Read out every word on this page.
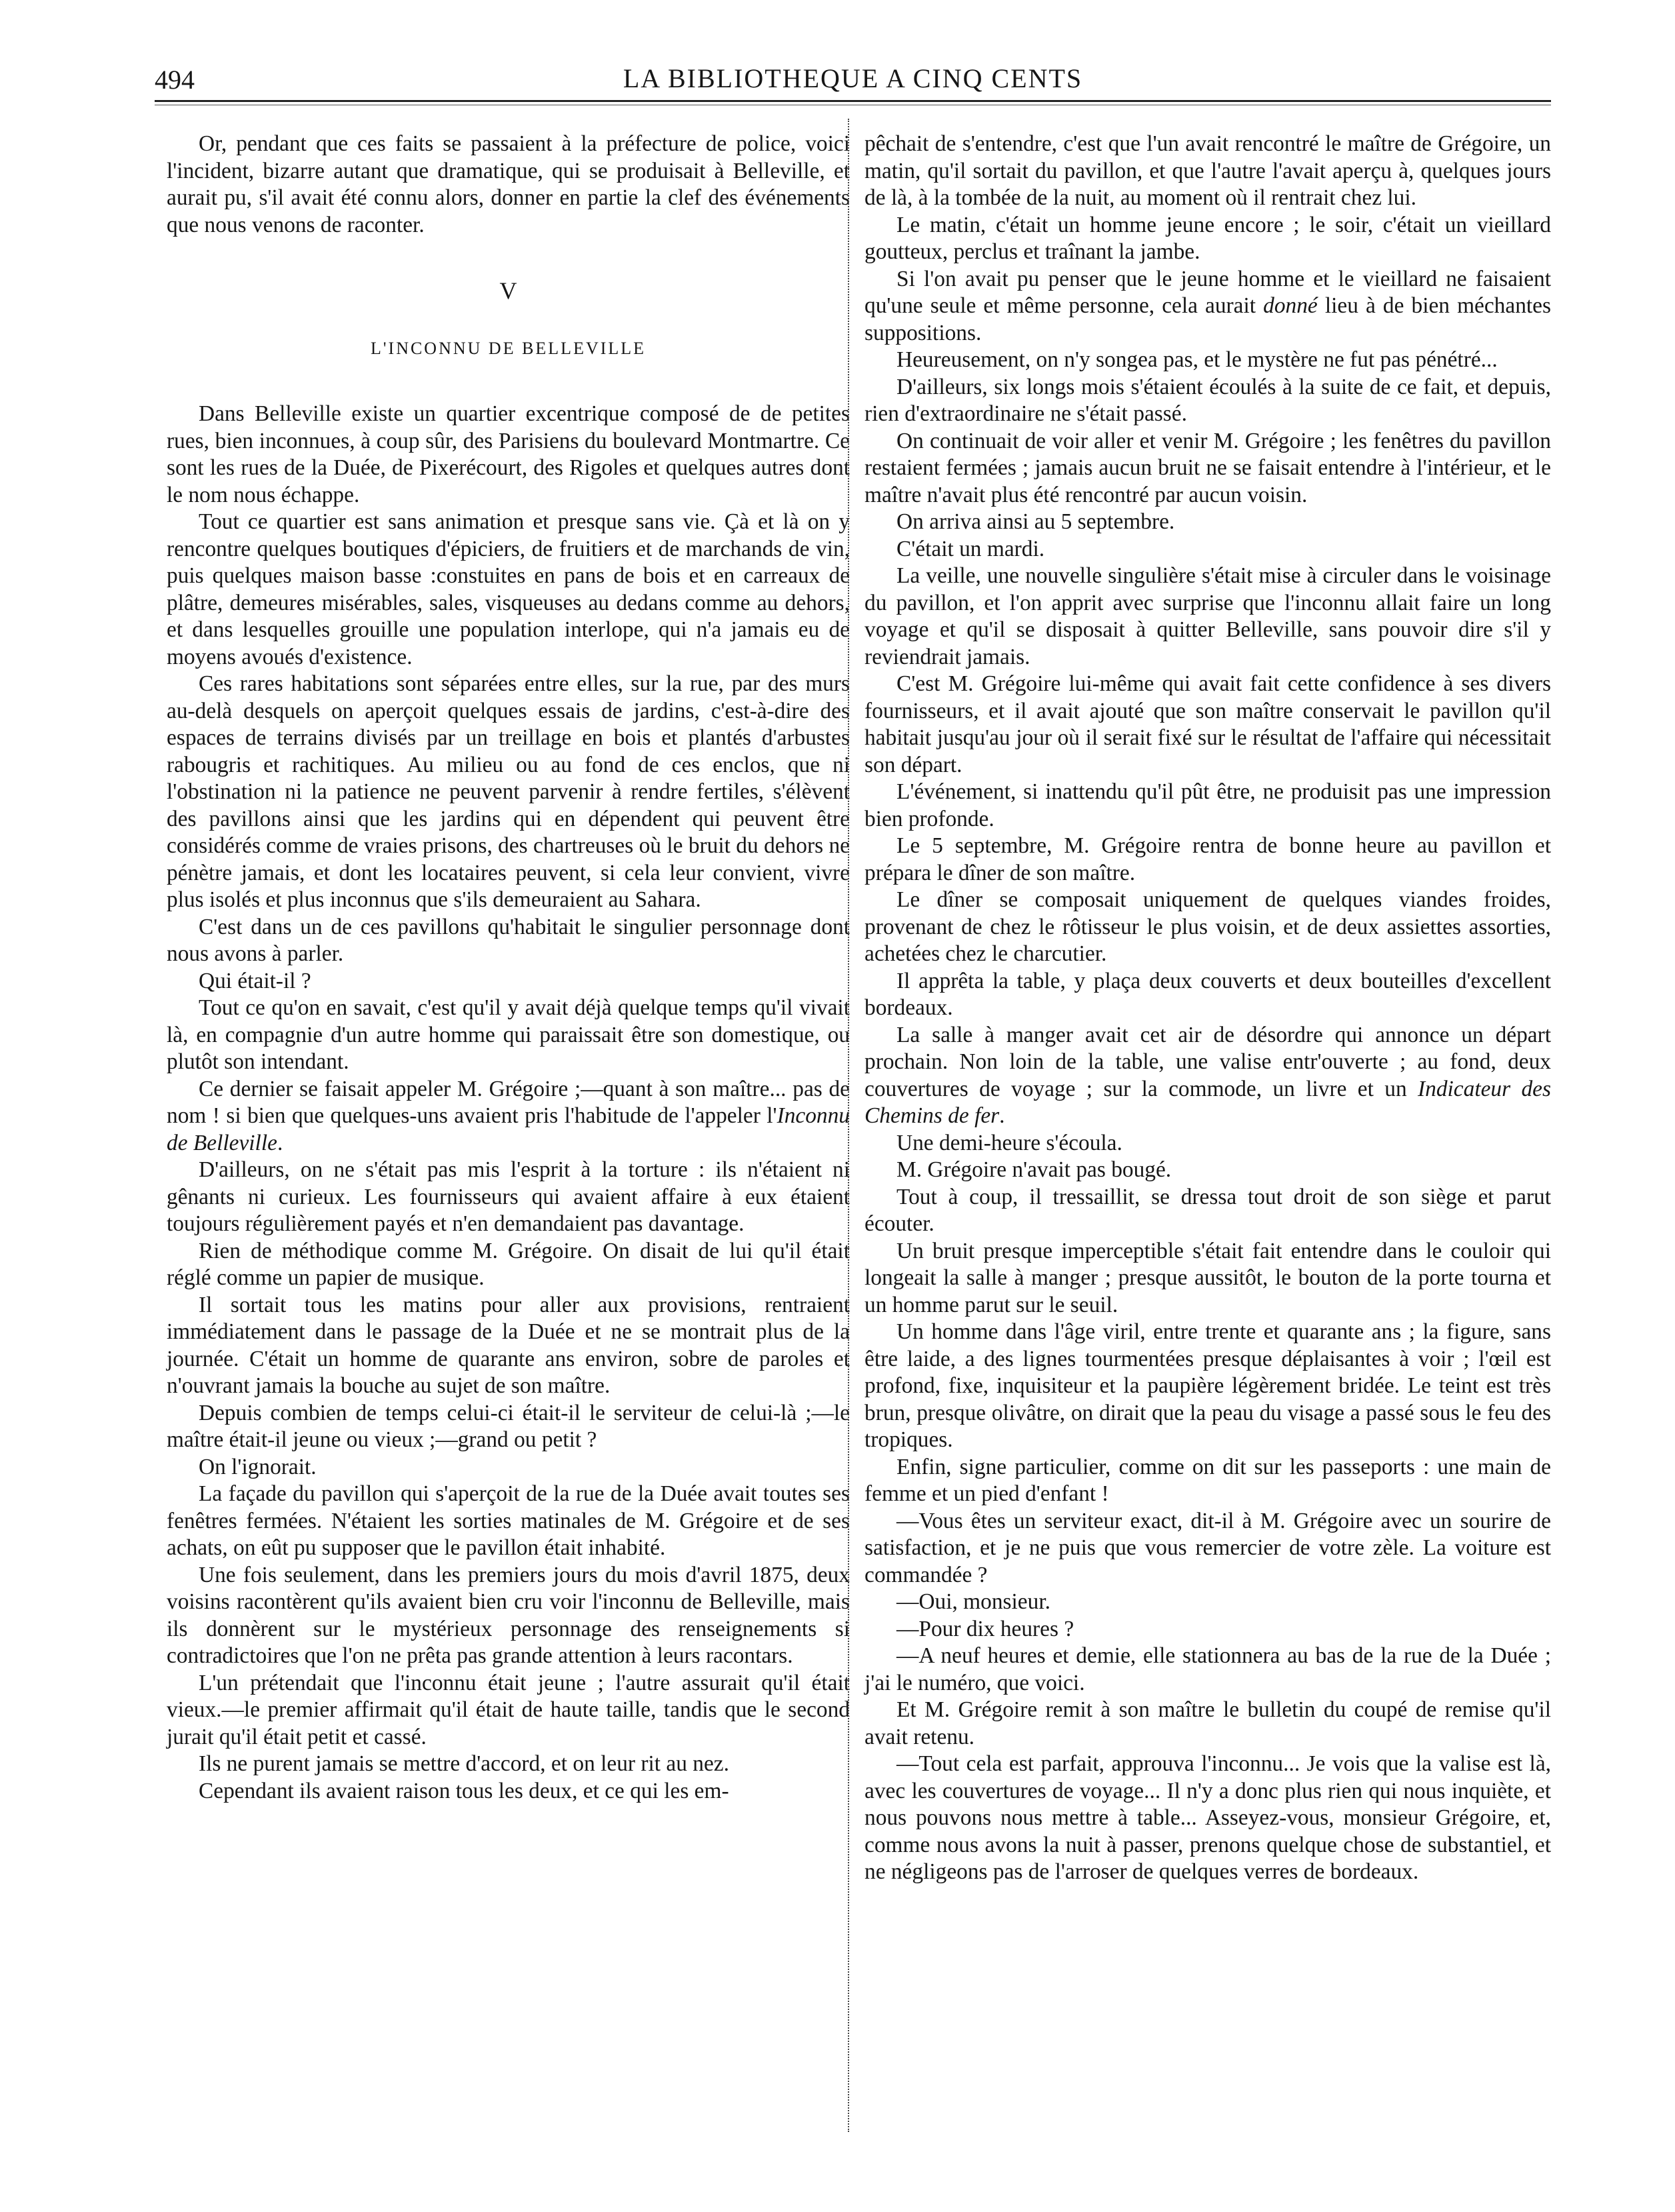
494	LA BIBLIOTHEQUE A CINQ CENTS

Or, pendant que ces faits se passaient à la préfecture de police, voici l'incident, bizarre autant que dramatique, qui se produisait à Belleville, et aurait pu, s'il avait été connu alors, donner en partie la clef des événements que nous venons de raconter.

V
L'INCONNU DE BELLEVILLE

Dans Belleville existe un quartier excentrique composé de de petites rues, bien inconnues, à coup sûr, des Parisiens du boulevard Montmartre. Ce sont les rues de la Duée, de Pixerécourt, des Rigoles et quelques autres dont le nom nous échappe.

Tout ce quartier est sans animation et presque sans vie. Çà et là on y rencontre quelques boutiques d'épiciers, de fruitiers et de marchands de vin, puis quelques maison basse :constuites en pans de bois et en carreaux de plâtre, demeures misérables, sales, visqueuses au dedans comme au dehors, et dans lesquelles grouille une population interlope, qui n'a jamais eu de moyens avoués d'existence.

Ces rares habitations sont séparées entre elles, sur la rue, par des murs au-delà desquels on aperçoit quelques essais de jardins, c'est-à-dire des espaces de terrains divisés par un treillage en bois et plantés d'arbustes rabougris et rachitiques. Au milieu ou au fond de ces enclos, que ni l'obstination ni la patience ne peuvent parvenir à rendre fertiles, s'élèvent des pavillons ainsi que les jardins qui en dépendent qui peuvent être considérés comme de vraies prisons, des chartreuses où le bruit du dehors ne pénètre jamais, et dont les locataires peuvent, si cela leur convient, vivre plus isolés et plus inconnus que s'ils demeuraient au Sahara.

C'est dans un de ces pavillons qu'habitait le singulier personnage dont nous avons à parler.

Qui était-il ?

Tout ce qu'on en savait, c'est qu'il y avait déjà quelque temps qu'il vivait là, en compagnie d'un autre homme qui paraissait être son domestique, ou plutôt son intendant.

Ce dernier se faisait appeler M. Grégoire ;—quant à son maître... pas de nom ! si bien que quelques-uns avaient pris l'habitude de l'appeler l'Inconnu de Belleville.

D'ailleurs, on ne s'était pas mis l'esprit à la torture : ils n'étaient ni gênants ni curieux. Les fournisseurs qui avaient affaire à eux étaient toujours régulièrement payés et n'en demandaient pas davantage.

Rien de méthodique comme M. Grégoire. On disait de lui qu'il était réglé comme un papier de musique.

Il sortait tous les matins pour aller aux provisions, rentraient immédiatement dans le passage de la Duée et ne se montrait plus de la journée. C'était un homme de quarante ans environ, sobre de paroles et n'ouvrant jamais la bouche au sujet de son maître.

Depuis combien de temps celui-ci était-il le serviteur de celui-là ;—le maître était-il jeune ou vieux ;—grand ou petit ?

On l'ignorait.

La façade du pavillon qui s'aperçoit de la rue de la Duée avait toutes ses fenêtres fermées. N'étaient les sorties matinales de M. Grégoire et de ses achats, on eût pu supposer que le pavillon était inhabité.

Une fois seulement, dans les premiers jours du mois d'avril 1875, deux voisins racontèrent qu'ils avaient bien cru voir l'inconnu de Belleville, mais ils donnèrent sur le mystérieux personnage des renseignements si contradictoires que l'on ne prêta pas grande attention à leurs racontars.

L'un prétendait que l'inconnu était jeune ; l'autre assurait qu'il était vieux.—le premier affirmait qu'il était de haute taille, tandis que le second jurait qu'il était petit et cassé.

Ils ne purent jamais se mettre d'accord, et on leur rit au nez.

Cependant ils avaient raison tous les deux, et ce qui les em-

pêchait de s'entendre, c'est que l'un avait rencontré le maître de Grégoire, un matin, qu'il sortait du pavillon, et que l'autre l'avait aperçu à, quelques jours de là, à la tombée de la nuit, au moment où il rentrait chez lui.

Le matin, c'était un homme jeune encore ; le soir, c'était un vieillard goutteux, perclus et traînant la jambe.

Si l'on avait pu penser que le jeune homme et le vieillard ne faisaient qu'une seule et même personne, cela aurait donné lieu à de bien méchantes suppositions.

Heureusement, on n'y songea pas, et le mystère ne fut pas pénétré...

D'ailleurs, six longs mois s'étaient écoulés à la suite de ce fait, et depuis, rien d'extraordinaire ne s'était passé.

On continuait de voir aller et venir M. Grégoire ; les fenêtres du pavillon restaient fermées ; jamais aucun bruit ne se faisait entendre à l'intérieur, et le maître n'avait plus été rencontré par aucun voisin.

On arriva ainsi au 5 septembre.

C'était un mardi.

La veille, une nouvelle singulière s'était mise à circuler dans le voisinage du pavillon, et l'on apprit avec surprise que l'inconnu allait faire un long voyage et qu'il se disposait à quitter Belleville, sans pouvoir dire s'il y reviendrait jamais.

C'est M. Grégoire lui-même qui avait fait cette confidence à ses divers fournisseurs, et il avait ajouté que son maître conservait le pavillon qu'il habitait jusqu'au jour où il serait fixé sur le résultat de l'affaire qui nécessitait son départ.

L'événement, si inattendu qu'il pût être, ne produisit pas une impression bien profonde.

Le 5 septembre, M. Grégoire rentra de bonne heure au pavillon et prépara le dîner de son maître.

Le dîner se composait uniquement de quelques viandes froides, provenant de chez le rôtisseur le plus voisin, et de deux assiettes assorties, achetées chez le charcutier.

Il apprêta la table, y plaça deux couverts et deux bouteilles d'excellent bordeaux.

La salle à manger avait cet air de désordre qui annonce un départ prochain. Non loin de la table, une valise entr'ouverte ; au fond, deux couvertures de voyage ; sur la commode, un livre et un Indicateur des Chemins de fer.

Une demi-heure s'écoula.

M. Grégoire n'avait pas bougé.

Tout à coup, il tressaillit, se dressa tout droit de son siège et parut écouter.

Un bruit presque imperceptible s'était fait entendre dans le couloir qui longeait la salle à manger ; presque aussitôt, le bouton de la porte tourna et un homme parut sur le seuil.

Un homme dans l'âge viril, entre trente et quarante ans ; la figure, sans être laide, a des lignes tourmentées presque déplaisantes à voir ; l'œil est profond, fixe, inquisiteur et la paupière légèrement bridée. Le teint est très brun, presque olivâtre, on dirait que la peau du visage a passé sous le feu des tropiques.

Enfin, signe particulier, comme on dit sur les passeports : une main de femme et un pied d'enfant !

—Vous êtes un serviteur exact, dit-il à M. Grégoire avec un sourire de satisfaction, et je ne puis que vous remercier de votre zèle. La voiture est commandée ?

—Oui, monsieur.

—Pour dix heures ?

—A neuf heures et demie, elle stationnera au bas de la rue de la Duée ; j'ai le numéro, que voici.

Et M. Grégoire remit à son maître le bulletin du coupé de remise qu'il avait retenu.

—Tout cela est parfait, approuva l'inconnu... Je vois que la valise est là, avec les couvertures de voyage... Il n'y a donc plus rien qui nous inquiète, et nous pouvons nous mettre à table... Asseyez-vous, monsieur Grégoire, et, comme nous avons la nuit à passer, prenons quelque chose de substantiel, et ne négligeons pas de l'arroser de quelques verres de bordeaux.
